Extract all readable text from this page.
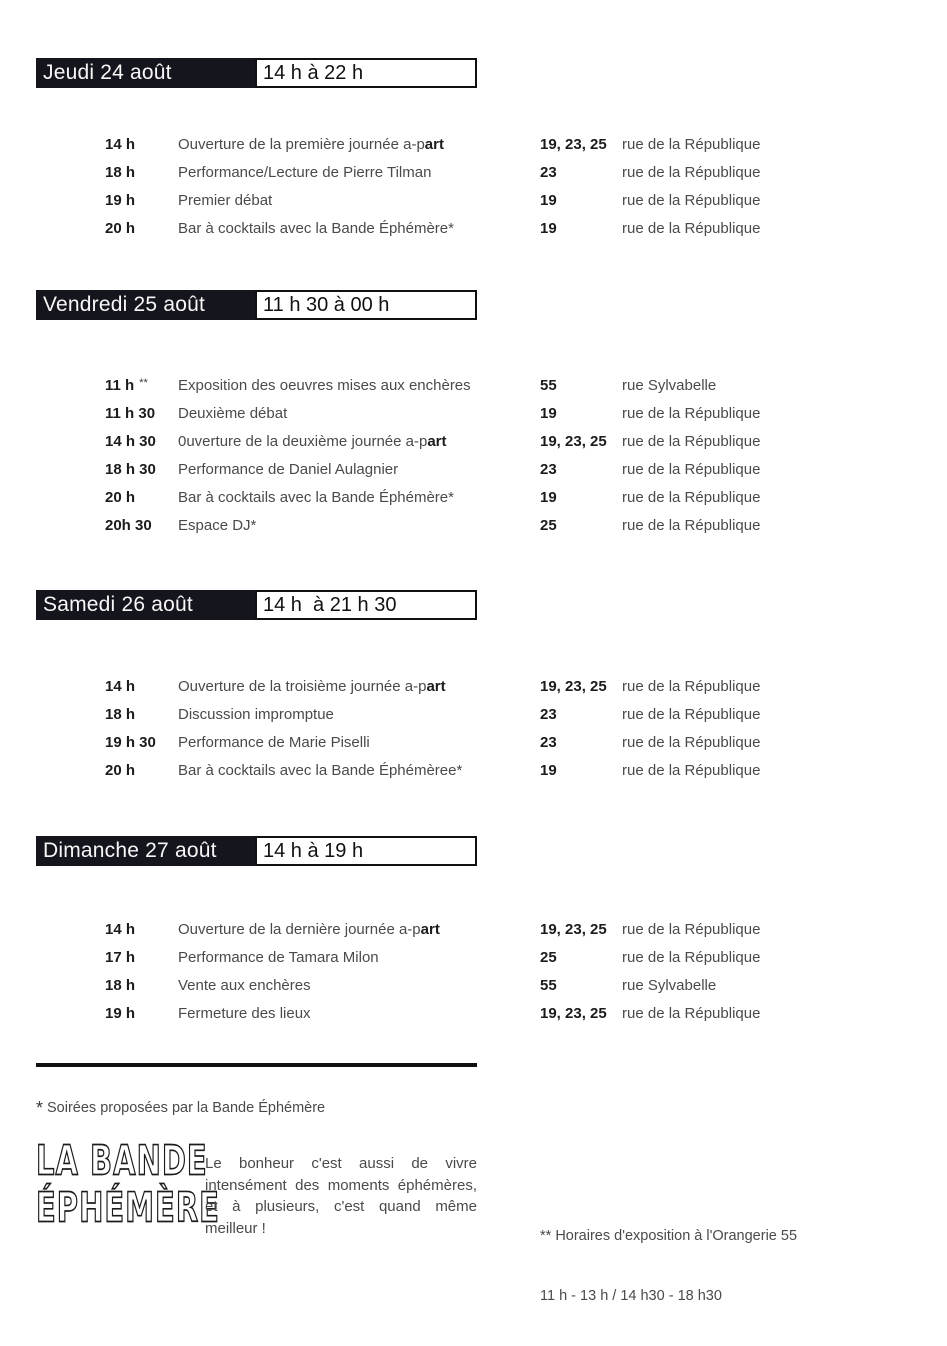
Jeudi 24 août	14 h à 22 h
14 h	Ouverture de la première journée a-part	19, 23, 25	rue de la République
18 h	Performance/Lecture de Pierre Tilman	23	rue de la République
19 h	Premier débat	19	rue de la République
20 h	Bar à cocktails avec la Bande Éphémère*	19	rue de la République
Vendredi 25 août	11 h 30 à 00 h
11 h **	Exposition des oeuvres mises aux enchères	55	rue Sylvabelle
11 h 30	Deuxième débat	19	rue de la République
14 h 30	0uverture de la deuxième journée a-part	19, 23, 25	rue de la République
18 h 30	Performance de Daniel Aulagnier	23	rue de la République
20 h	Bar à cocktails avec la Bande Éphémère*	19	rue de la République
20h 30	Espace DJ*	25	rue de la République
Samedi 26 août	14 h  à 21 h 30
14 h	Ouverture de la troisième journée a-part	19, 23, 25	rue de la République
18 h	Discussion impromptue	23	rue de la République
19 h 30	Performance de Marie Piselli	23	rue de la République
20 h	Bar à cocktails avec la Bande Éphémèree*	19	rue de la République
Dimanche 27 août	14 h à 19 h
14 h	Ouverture de la dernière journée a-part	19, 23, 25	rue de la République
17 h	Performance de Tamara Milon	25	rue de la République
18 h	Vente aux enchères	55	rue Sylvabelle
19 h	Fermeture des lieux	19, 23, 25	rue de la République
* Soirées proposées par la Bande Éphémère
LA BANDE
ÉPHÉMÈRE

Le bonheur c'est aussi de vivre intensément des moments éphémères, et à plusieurs, c'est quand même meilleur !

	** Horaires d'exposition à l'Orangerie 55

11 h - 13 h / 14 h30 - 18 h30
